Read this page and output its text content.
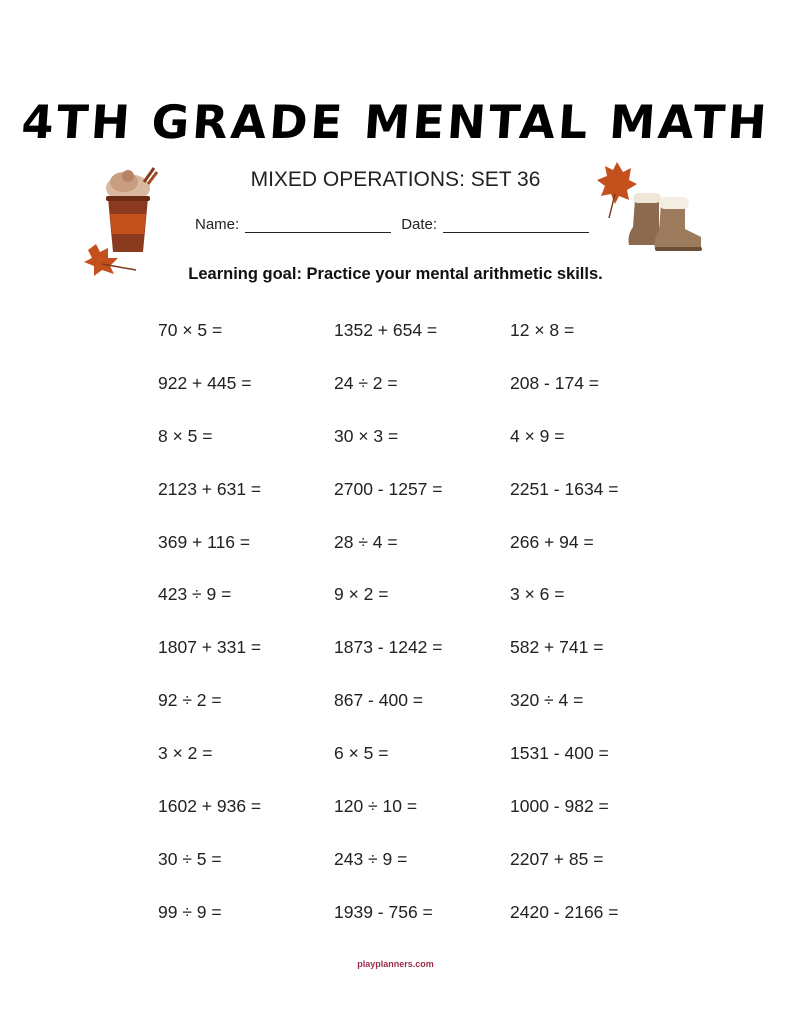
4TH GRADE MENTAL MATH
MIXED OPERATIONS: SET 36
Name:	Date:
Learning goal: Practice your mental arithmetic skills.
70 × 5 =	1352 + 654 =	12 × 8 =
922 + 445 =	24 ÷ 2 =	208 - 174 =
8 × 5 =	30 × 3 =	4 × 9 =
2123 + 631 =	2700 - 1257 =	2251 - 1634 =
369 + 116 =	28 ÷ 4 =	266 + 94 =
423 ÷ 9 =	9 × 2 =	3 × 6 =
1807 + 331 =	1873 - 1242 =	582 + 741 =
92 ÷ 2 =	867 - 400 =	320 ÷ 4 =
3 × 2 =	6 × 5 =	1531 - 400 =
1602 + 936 =	120 ÷ 10 =	1000 - 982 =
30 ÷ 5 =	243 ÷ 9 =	2207 + 85 =
99 ÷ 9 =	1939 - 756 =	2420 - 2166 =
playplanners.com
